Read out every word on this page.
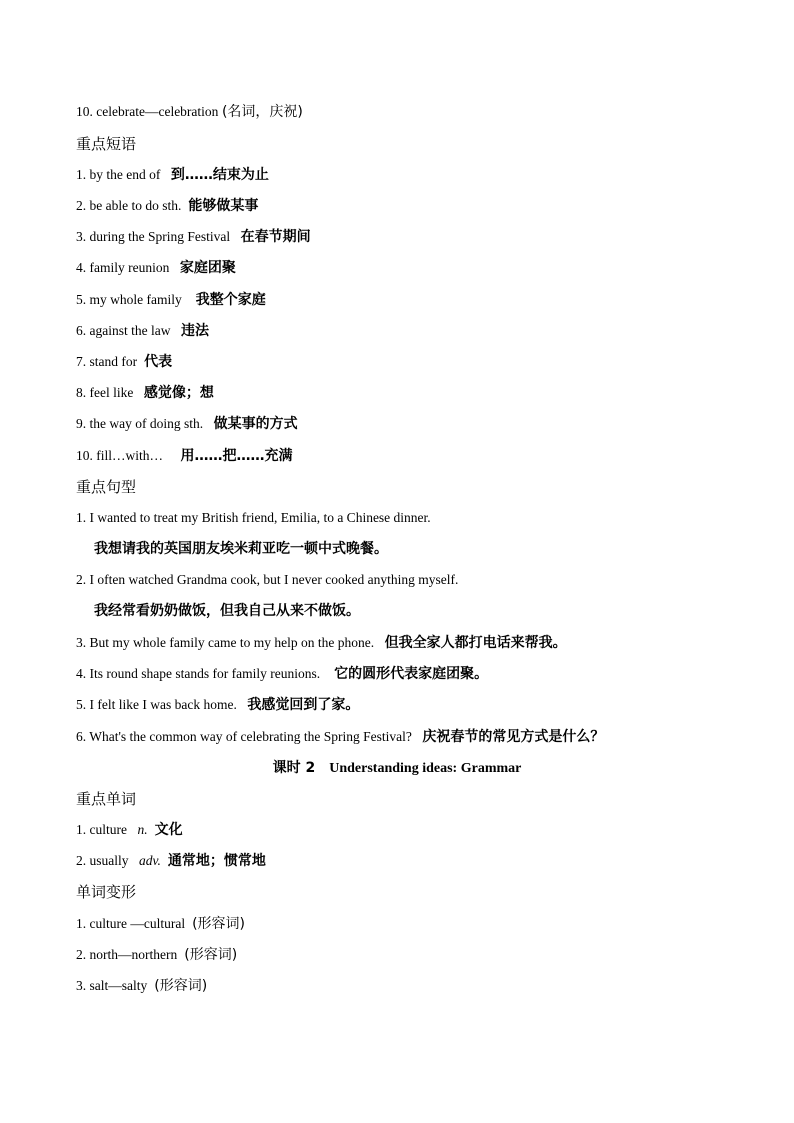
10. celebrate—celebration (名词，庆祝)
重点短语
1. by the end of 到……结束为止
2. be able to do sth. 能够做某事
3. during the Spring Festival 在春节期间
4. family reunion 家庭团聚
5. my whole family 我整个家庭
6. against the law 违法
7. stand for 代表
8. feel like 感觉像；想
9. the way of doing sth. 做某事的方式
10. fill…with… 用……把……充满
重点句型
1. I wanted to treat my British friend, Emilia, to a Chinese dinner.
我想请我的英国朋友埃米莉亚吃一顿中式晚餐。
2. I often watched Grandma cook, but I never cooked anything myself.
我经常看奶奶做饭，但我自己从来不做饭。
3. But my whole family came to my help on the phone. 但我全家人都打电话来帮我。
4. Its round shape stands for family reunions. 它的圆形代表家庭团聚。
5. I felt like I was back home. 我感觉回到了家。
6. What's the common way of celebrating the Spring Festival? 庆祝春节的常见方式是什么？
课时 2 Understanding ideas: Grammar
重点单词
1. culture n. 文化
2. usually adv. 通常地；惯常地
单词变形
1. culture —cultural (形容词)
2. north—northern (形容词)
3. salt—salty (形容词)
